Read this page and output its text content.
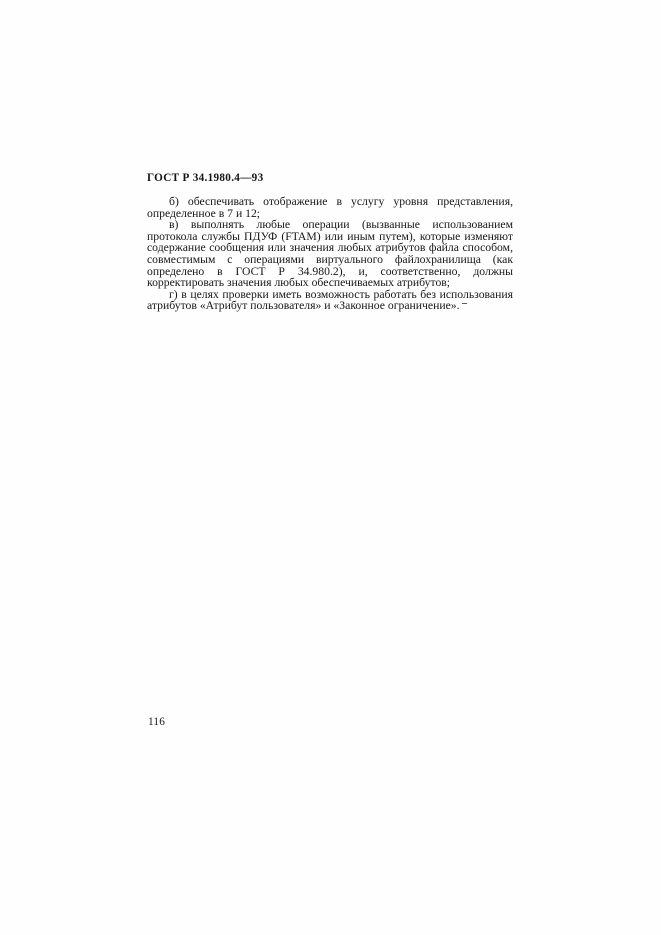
ГОСТ Р 34.1980.4—93

б) обеспечивать отображение в услугу уровня представления, определенное в 7 и 12;

в) выполнять любые операции (вызванные использованием протокола службы ПДУФ (FTAM) или иным путем), которые изменяют содержание сообщения или значения любых атрибутов файла способом, совместимым с операциями виртуального файлохранилища (как определено в ГОСТ Р 34.980.2), и, соответственно, должны корректировать значения любых обеспечиваемых атрибутов;

г) в целях проверки иметь возможность работать без использования атрибутов «Атрибут пользователя» и «Законное ограничение».

116
